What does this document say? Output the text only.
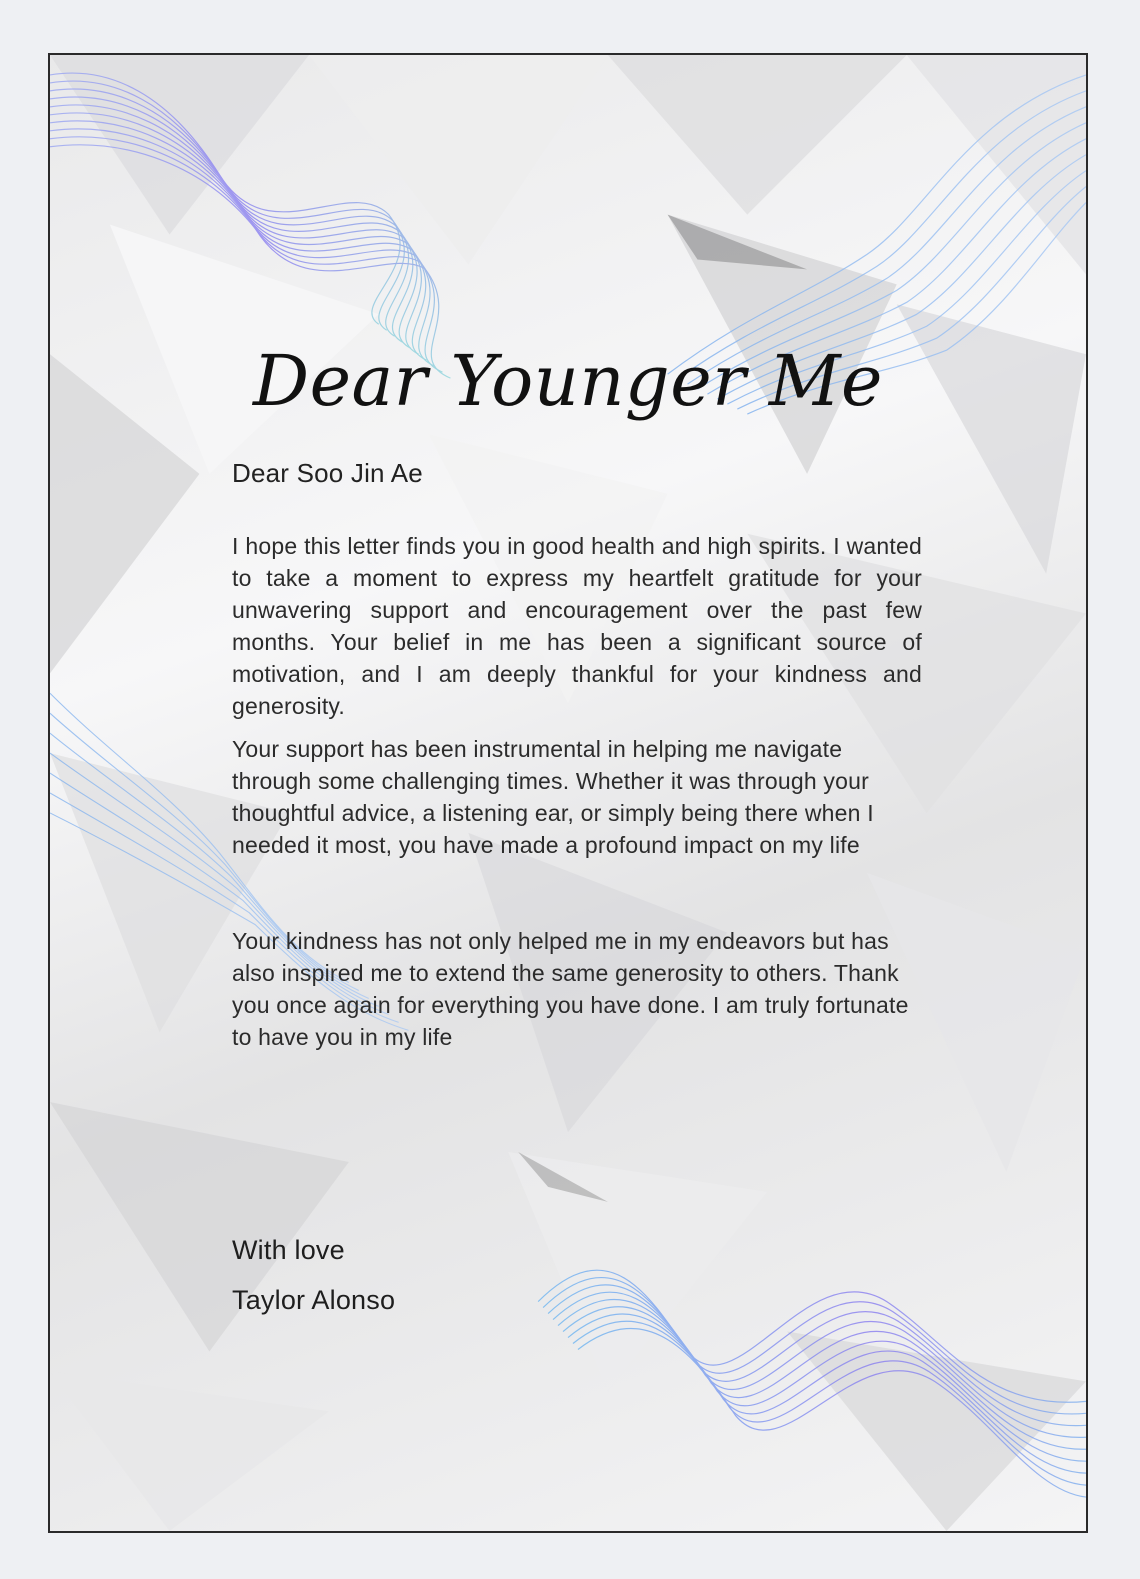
Dear Younger Me
Dear Soo Jin Ae
I hope this letter finds you in good health and high spirits. I wanted to take a moment to express my heartfelt gratitude for your unwavering support and encouragement over the past few months. Your belief in me has been a significant source of motivation, and I am deeply thankful for your kindness and generosity.
Your support has been instrumental in helping me navigate through some challenging times. Whether it was through your thoughtful advice, a listening ear, or simply being there when I needed it most, you have made a profound impact on my life
Your kindness has not only helped me in my endeavors but has also inspired me to extend the same generosity to others. Thank you once again for everything you have done. I am truly fortunate to have you in my life
With love
Taylor Alonso
